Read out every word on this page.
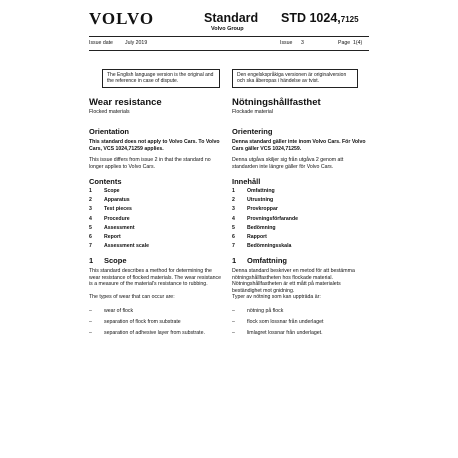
VOLVO	Standard
Volvo Group
STD 1024,7125
Issue date July 2019	Issue 3	Page 1(4)
The English language version is the original and the reference in case of dispute.
Den engelskspråkiga versionen är originalversion och ska åberopas i händelse av tvist.
Wear resistance
Flocked materials
Orientation
This standard does not apply to Volvo Cars. To Volvo Cars, VCS 1024,71259 applies.
This issue differs from issue 2 in that the standard no longer applies to Volvo Cars.
Contents
1 Scope
2 Apparatus
3 Test pieces
4 Procedure
5 Assessment
6 Report
7 Assessment scale
1 Scope
This standard describes a method for determining the wear resistance of flocked materials. The wear resistance is a measure of the material's resistance to rubbing.
The types of wear that can occur are:
– wear of flock
– separation of flock from substrate
– separation of adhesive layer from substrate.
Nötningshållfasthet
Flockade material
Orientering
Denna standard gäller inte inom Volvo Cars. För Volvo Cars gäller VCS 1024,71259.
Denna utgåva skiljer sig från utgåva 2 genom att standarden inte längre gäller för Volvo Cars.
Innehåll
1 Omfattning
2 Utrustning
3 Provkroppar
4 Provningsförfarande
5 Bedömning
6 Rapport
7 Bedömningsskala
1 Omfattning
Denna standard beskriver en metod för att bestämma nötningshållfastheten hos flockade material. Nötningshållfastheten är ett mått på materialets beständighet mot gnidning.
Typer av nötning som kan uppträda är:
– nötning på flock
– flock som lossnar från underlaget
– limlagret lossnar från underlaget.
